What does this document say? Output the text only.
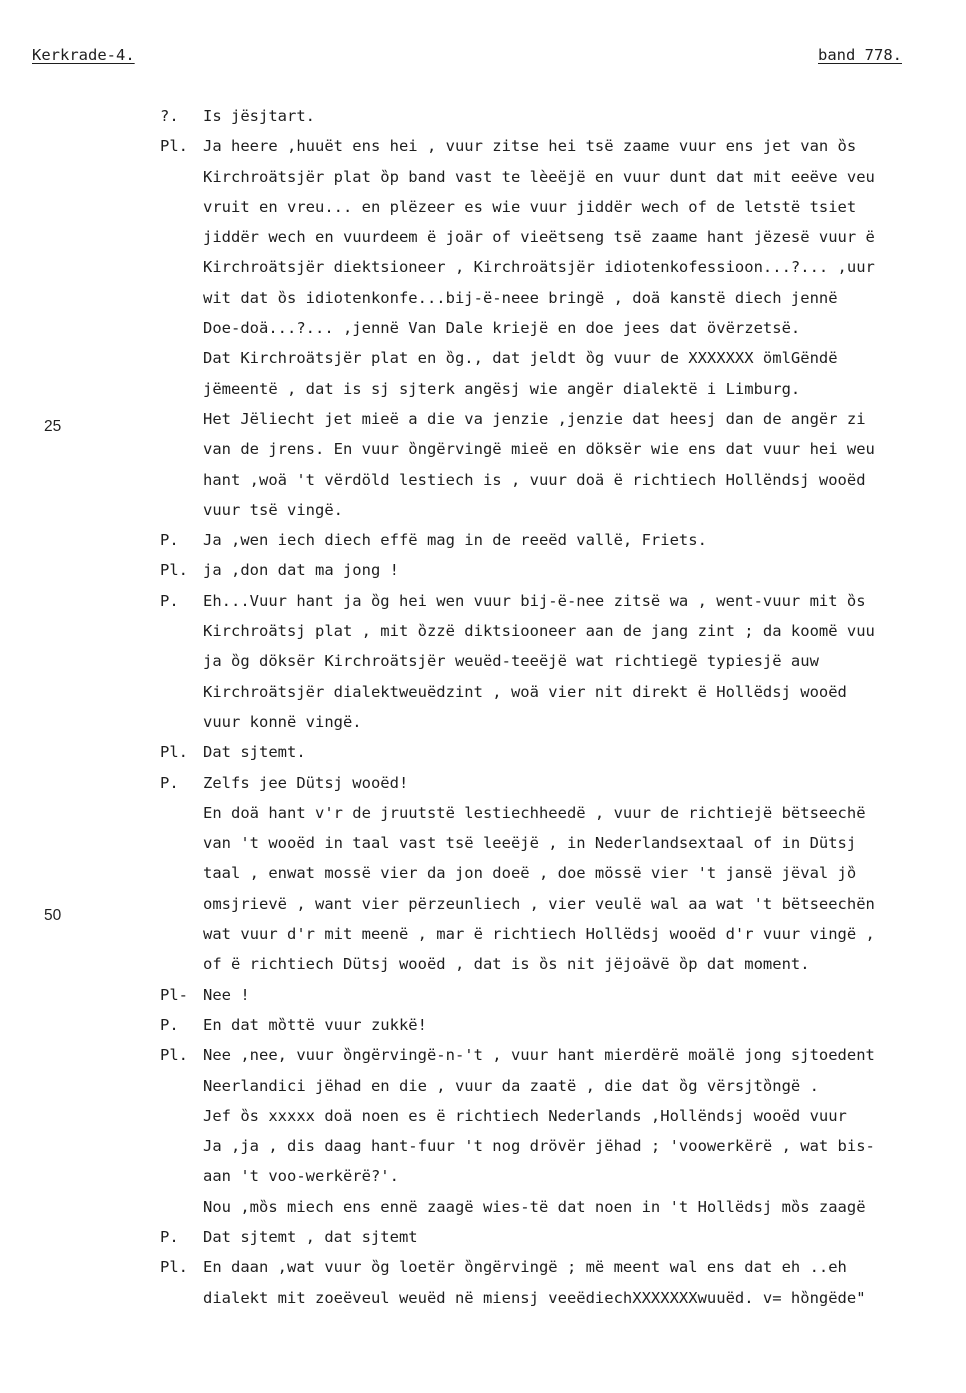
Kerkrade-4.	band 778.
25
50
?. Is jësjtart.
Pl. Ja heere ,huuët ens hei , vuur zitse hei tsë zaame vuur ens jet van ȍs
Kirchroätsjër plat ȍp band vast te lèeëjë en vuur dunt dat mit eeëve veu
vruit en vreu... en plëzeer es wie vuur jiddër wech of de letstë tsiet
jiddër wech en vuurdeem ë joär of vieëtseng tsë zaame hant jëzesë vuur ë
Kirchroätsjër diektsioneer , Kirchroätsjër idiotenkofessioon...?... ,uur
wit dat ȍs idiotenkonfe...bij-ë-neee bringë , doä kanstë diech jennë
Doe-doä...?... ,jennë Van Dale kriejë en doe jees dat övërzetsë.
Dat Kirchroätsjër plat en ȍg., dat jeldt ȍg vuur de XXXXXXX ömlGëndë
jëmeentë , dat is sj sjterk angësj wie angër dialektë i Limburg.
Het Jëliecht jet mieë a die va jenzie ,jenzie dat heesj dan de angër zi
van de jrens. En vuur ȍngërvingë mieë en döksër wie ens dat vuur hei weu
hant ,woä 't vërdöld lestiech is , vuur doä ë richtiech Hollëndsj wooëd
vuur tsë vingë.
P. Ja ,wen iech diech effë mag in de reeëd vallë, Friets.
Pl. ja ,don dat ma jong !
P. Eh...Vuur hant ja ȍg hei wen vuur bij-ë-nee zitsë wa , went-vuur mit ȍs
Kirchroätsj plat , mit ȍzzë diktsiooneer aan de jang zint ; da koomë vuu
ja ȍg döksër Kirchroätsjër weuëd-teeëjë wat richtiegë typiesjë auw
Kirchroätsjër dialektweuëdzint , woä vier nit direkt ë Hollëdsj wooëd
vuur konnë vingë.
Pl. Dat sjtemt.
P. Zelfs jee Dütsj wooëd!
En doä hant v'r de jruutstë lestiechheedë , vuur de richtiejë bëtseechë
van 't wooëd in taal vast tsë leeëjë , in Nederlandsextaal of in Dütsj
taal , enwat mossë vier da jon doeë , doe mössë vier 't jansë jëval jȍ
omsjrievë , want vier përzeunliech , vier veulë wal aa wat 't bëtseechën
wat vuur d'r mit meenë , mar ë richtiech Hollëdsj wooëd d'r vuur vingë ,
of ë richtiech Dütsj wooëd , dat is ȍs nit jëjoävë ȍp dat moment.
Pl- Nee !
P. En dat mȍttë vuur zukkë!
Pl. Nee ,nee, vuur ȍngërvingë-n-'t , vuur hant mierdërë moälë jong sjtoedent
Neerlandici jëhad en die , vuur da zaatë , die dat ȍg vërsjtȍngë .
Jef ȍs xxxxx doä noen es ë richtiech Nederlands ,Hollëndsj wooëd vuur
Ja ,ja , dis daag hant-fuur 't nog drövër jëhad ; 'voowerkërë , wat bis-
aan 't voo-werkërë?'.
Nou ,mȍs miech ens ennë zaagë wies-të dat noen in 't Hollëdsj mȍs zaagë
P. Dat sjtemt , dat sjtemt
Pl. En daan ,wat vuur ȍg loetër ȍngërvingë ; më meent wal ens dat eh ..eh
dialekt mit zoeëveul weuëd në miensj veeëdiechXXXXXXXwuuëd. v= hȍngëde"
